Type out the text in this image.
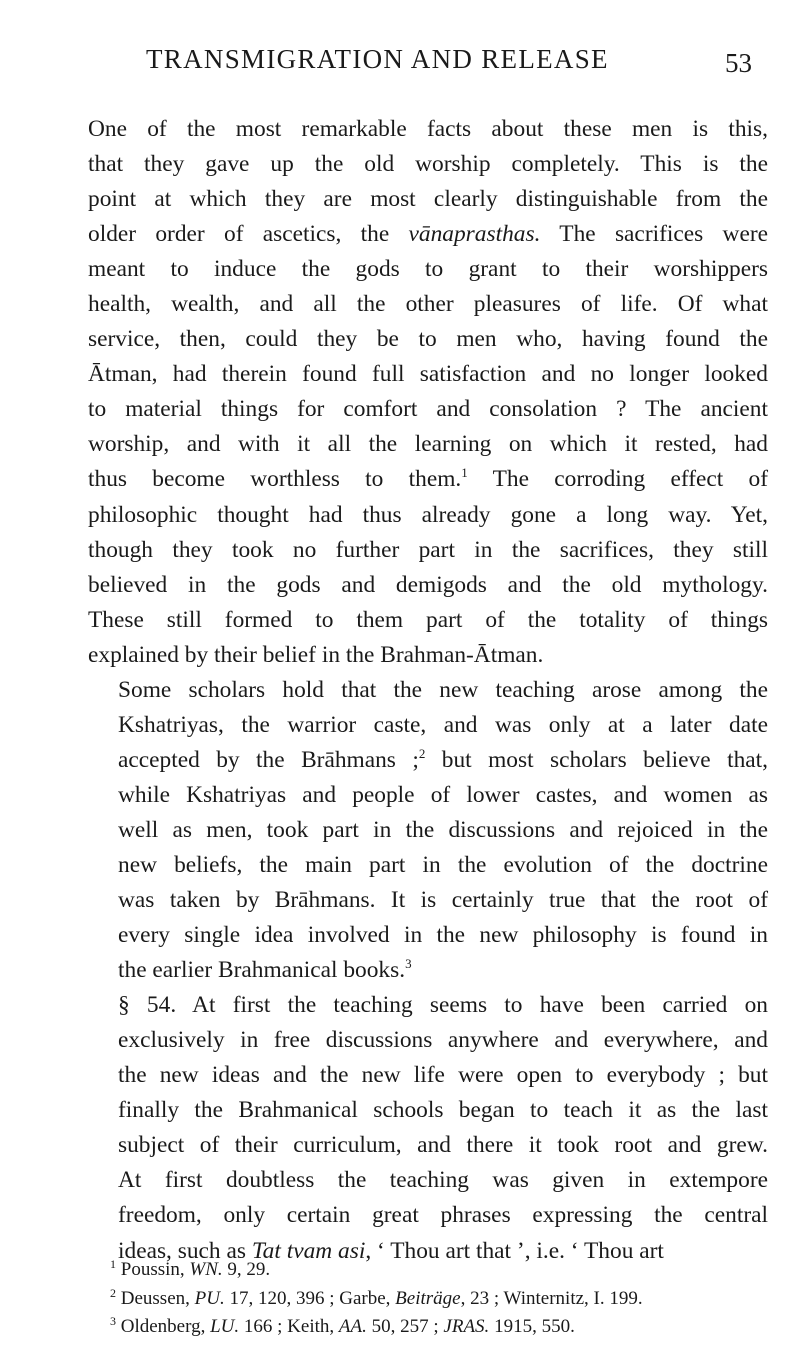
TRANSMIGRATION AND RELEASE	53

One of the most remarkable facts about these men is this,
that they gave up the old worship completely. This is the
point at which they are most clearly distinguishable from the
older order of ascetics, the vānaprasthas. The sacrifices were
meant to induce the gods to grant to their worshippers
health, wealth, and all the other pleasures of life. Of what
service, then, could they be to men who, having found the
Ātman, had therein found full satisfaction and no longer looked
to material things for comfort and consolation ? The ancient
worship, and with it all the learning on which it rested, had
thus become worthless to them.$^1$ The corroding effect of
philosophic thought had thus already gone a long way. Yet,
though they took no further part in the sacrifices, they still
believed in the gods and demigods and the old mythology.
These still formed to them part of the totality of things
explained by their belief in the Brahman-Ātman.

Some scholars hold that the new teaching arose among the
Kshatriyas, the warrior caste, and was only at a later date
accepted by the Brāhmans ;$^2$ but most scholars believe that,
while Kshatriyas and people of lower castes, and women as
well as men, took part in the discussions and rejoiced in the
new beliefs, the main part in the evolution of the doctrine
was taken by Brāhmans. It is certainly true that the root of
every single idea involved in the new philosophy is found in
the earlier Brahmanical books.$^3$

§ 54. At first the teaching seems to have been carried on
exclusively in free discussions anywhere and everywhere, and
the new ideas and the new life were open to everybody ; but
finally the Brahmanical schools began to teach it as the last
subject of their curriculum, and there it took root and grew.
At first doubtless the teaching was given in extempore
freedom, only certain great phrases expressing the central
ideas, such as Tat tvam asi, ‘ Thou art that ’, i.e. ‘ Thou art

$^1$ Poussin, WN. 9, 29.
$^2$ Deussen, PU. 17, 120, 396 ; Garbe, Beiträge, 23 ; Winternitz, I. 199.
$^3$ Oldenberg, LU. 166 ; Keith, AA. 50, 257 ; JRAS. 1915, 550.
